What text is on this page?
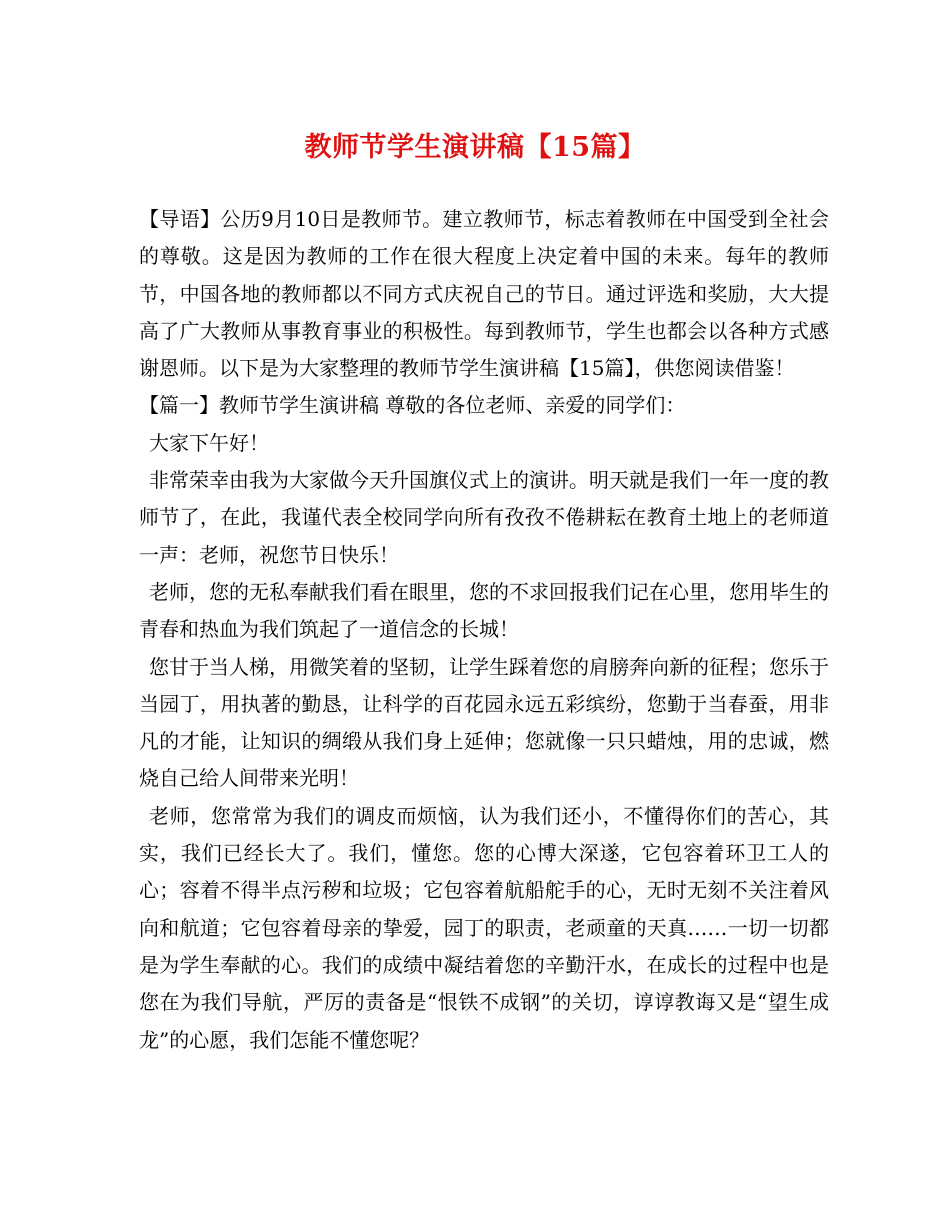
教师节学生演讲稿【15篇】

【导语】公历9月10日是教师节。建立教师节，标志着教师在中国受到全社会的尊敬。这是因为教师的工作在很大程度上决定着中国的未来。每年的教师节，中国各地的教师都以不同方式庆祝自己的节日。通过评选和奖励，大大提高了广大教师从事教育事业的积极性。每到教师节，学生也都会以各种方式感谢恩师。以下是为大家整理的教师节学生演讲稿【15篇】，供您阅读借鉴！

【篇一】教师节学生演讲稿 尊敬的各位老师、亲爱的同学们：

大家下午好！

非常荣幸由我为大家做今天升国旗仪式上的演讲。明天就是我们一年一度的教师节了，在此，我谨代表全校同学向所有孜孜不倦耕耘在教育土地上的老师道一声：老师，祝您节日快乐！

老师，您的无私奉献我们看在眼里，您的不求回报我们记在心里，您用毕生的青春和热血为我们筑起了一道信念的长城！

您甘于当人梯，用微笑着的坚韧，让学生踩着您的肩膀奔向新的征程；您乐于当园丁，用执著的勤恳，让科学的百花园永远五彩缤纷，您勤于当春蚕，用非凡的才能，让知识的绸缎从我们身上延伸；您就像一只只蜡烛，用的忠诚，燃烧自己给人间带来光明！

老师，您常常为我们的调皮而烦恼，认为我们还小，不懂得你们的苦心，其实，我们已经长大了。我们，懂您。您的心博大深遂，它包容着环卫工人的心；容着不得半点污秽和垃圾；它包容着航船舵手的心，无时无刻不关注着风向和航道；它包容着母亲的挚爱，园丁的职责，老顽童的天真……一切一切都是为学生奉献的心。我们的成绩中凝结着您的辛勤汗水，在成长的过程中也是您在为我们导航，严厉的责备是“恨铁不成钢”的关切，谆谆教诲又是“望生成龙”的心愿，我们怎能不懂您呢？
